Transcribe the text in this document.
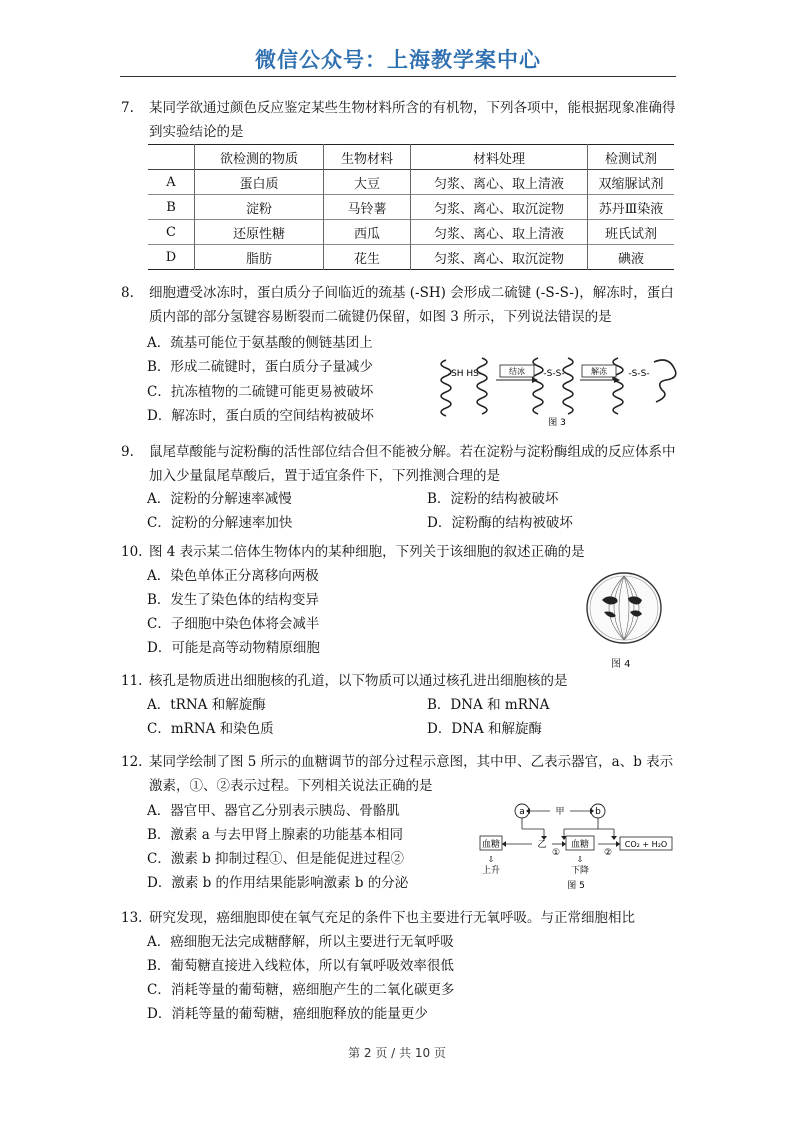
微信公众号：上海教学案中心
7.	某同学欲通过颜色反应鉴定某些生物材料所含的有机物，下列各项中，能根据现象准确得到实验结论的是
	欲检测的物质	生物材料	材料处理	检测试剂
A	蛋白质	大豆	匀浆、离心、取上清液	双缩脲试剂
B	淀粉	马铃薯	匀浆、离心、取沉淀物	苏丹Ⅲ染液
C	还原性糖	西瓜	匀浆、离心、取上清液	班氏试剂
D	脂肪	花生	匀浆、离心、取沉淀物	碘液
8.	细胞遭受冰冻时，蛋白质分子间临近的巯基 (-SH) 会形成二硫键 (-S-S-)，解冻时，蛋白质内部的部分氢键容易断裂而二硫键仍保留，如图 3 所示，下列说法错误的是
A．巯基可能位于氨基酸的侧链基团上
B．形成二硫键时，蛋白质分子量减少
C．抗冻植物的二硫键可能更易被破坏
D．解冻时，蛋白质的空间结构被破坏
-SH HS-	结冰 -S-S-	解冻 -S-S-
图 3
9.	鼠尾草酸能与淀粉酶的活性部位结合但不能被分解。若在淀粉与淀粉酶组成的反应体系中加入少量鼠尾草酸后，置于适宜条件下，下列推测合理的是
A．淀粉的分解速率减慢	B．淀粉的结构被破坏
C．淀粉的分解速率加快	D．淀粉酶的结构被破坏
10. 图 4 表示某二倍体生物体内的某种细胞，下列关于该细胞的叙述正确的是
A．染色单体正分离移向两极
B．发生了染色体的结构变异
C．子细胞中染色体将会减半
D．可能是高等动物精原细胞
图 4
11. 核孔是物质进出细胞核的孔道，以下物质可以通过核孔进出细胞核的是
A．tRNA 和解旋酶	B．DNA 和 mRNA
C．mRNA 和染色质	D．DNA 和解旋酶
12. 某同学绘制了图 5 所示的血糖调节的部分过程示意图，其中甲、乙表示器官，a、b 表示激素，①、②表示过程。下列相关说法正确的是
A．器官甲、器官乙分别表示胰岛、骨骼肌
B．激素 a 与去甲肾上腺素的功能基本相同
C．激素 b 抑制过程①、但是能促进过程②
D．激素 b 的作用结果能影响激素 b 的分泌
a	甲	b
血糖
⇩
上升
乙
①
血糖
⇩
下降
②
CO₂ + H₂O
图 5
13. 研究发现，癌细胞即使在氧气充足的条件下也主要进行无氧呼吸。与正常细胞相比
A．癌细胞无法完成糖酵解，所以主要进行无氧呼吸
B．葡萄糖直接进入线粒体，所以有氧呼吸效率很低
C．消耗等量的葡萄糖，癌细胞产生的二氧化碳更多
D．消耗等量的葡萄糖，癌细胞释放的能量更少
第 2 页 / 共 10 页
